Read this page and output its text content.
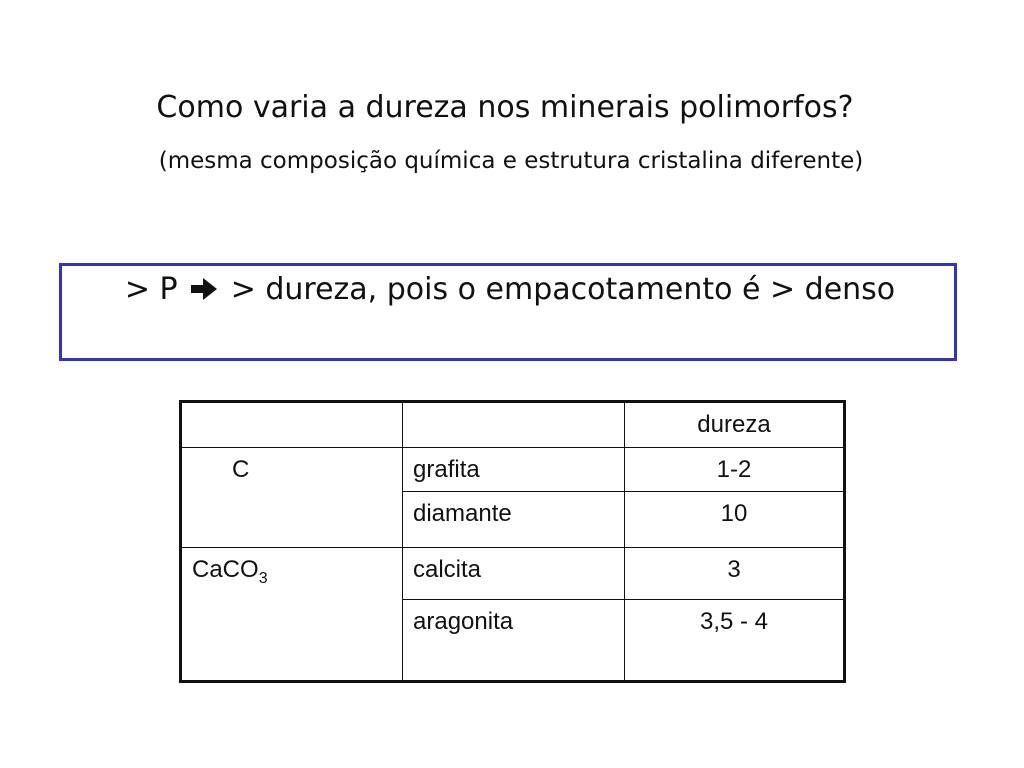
Como varia a dureza nos minerais polimorfos?
(mesma composição química e estrutura cristalina diferente)
> P > dureza, pois o empacotamento é > denso
		dureza
C	grafita	1-2
	diamante	10
CaCO$_3$	calcita	3
	aragonita	3,5 - 4
